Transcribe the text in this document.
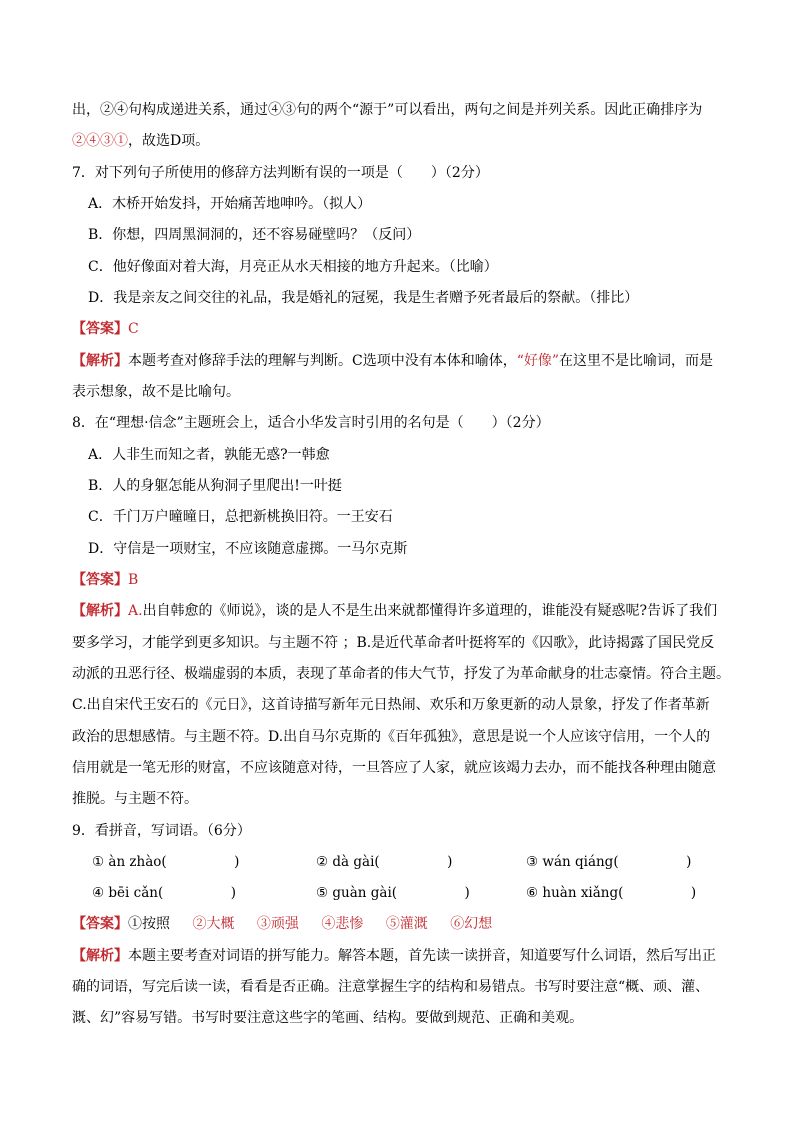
出，②④句构成递进关系，通过④③句的两个“源于”可以看出，两句之间是并列关系。因此正确排序为
②④③①，故选D项。
7．对下列句子所使用的修辞方法判断有误的一项是（　　）（2分）
A．木桥开始发抖，开始痛苦地呻吟。（拟人）
B．你想，四周黑洞洞的，还不容易碰壁吗？（反问）
C．他好像面对着大海，月亮正从水天相接的地方升起来。（比喻）
D．我是亲友之间交往的礼品，我是婚礼的冠冕，我是生者赠予死者最后的祭献。（排比）
【答案】C
【解析】本题考查对修辞手法的理解与判断。C选项中没有本体和喻体，“好像”在这里不是比喻词，而是
表示想象，故不是比喻句。
8．在“理想·信念”主题班会上，适合小华发言时引用的名句是（　　）（2分）
A．人非生而知之者，孰能无惑?一韩愈
B．人的身躯怎能从狗洞子里爬出!一叶挺
C．千门万户曈曈日，总把新桃换旧符。一王安石
D．守信是一项财宝，不应该随意虚掷。一马尔克斯
【答案】B
【解析】A.出自韩愈的《师说》，谈的是人不是生出来就都懂得许多道理的，谁能没有疑惑呢?告诉了我们
要多学习，才能学到更多知识。与主题不符 ；B.是近代革命者叶挺将军的《囚歌》，此诗揭露了国民党反
动派的丑恶行径、极端虚弱的本质，表现了革命者的伟大气节，抒发了为革命献身的壮志豪情。符合主题。
C.出自宋代王安石的《元日》，这首诗描写新年元日热闹、欢乐和万象更新的动人景象，抒发了作者革新
政治的思想感情。与主题不符。D.出自马尔克斯的《百年孤独》，意思是说一个人应该守信用，一个人的
信用就是一笔无形的财富，不应该随意对待，一旦答应了人家，就应该竭力去办，而不能找各种理由随意
推脱。与主题不符。
9．看拼音，写词语。（6分）
① àn zhào(　　　　　)	② dà gài(　　　　　)	③ wán qiáng(　　　　　)
④ bēi cǎn(　　　　　)	⑤ guàn gài(　　　　　)	⑥ huàn xiǎng(　　　　　)
【答案】①按照 ②大概 ③顽强 ④悲惨 ⑤灌溉 ⑥幻想
【解析】本题主要考查对词语的拼写能力。解答本题，首先读一读拼音，知道要写什么词语，然后写出正
确的词语，写完后读一读，看看是否正确。注意掌握生字的结构和易错点。书写时要注意“概、顽、灌、
溉、幻”容易写错。书写时要注意这些字的笔画、结构。要做到规范、正确和美观。
